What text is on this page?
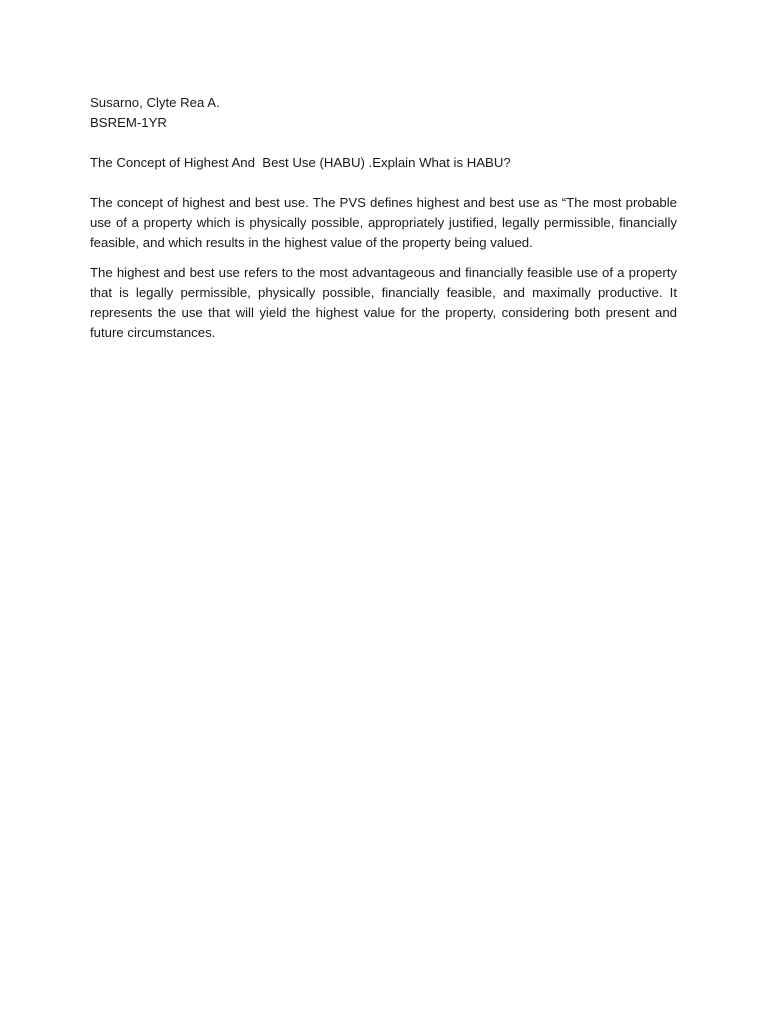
Susarno, Clyte Rea A.
BSREM-1YR

The Concept of Highest And  Best Use (HABU) .Explain What is HABU?

The concept of highest and best use. The PVS defines highest and best use as “The most probable use of a property which is physically possible, appropriately justified, legally permissible, financially feasible, and which results in the highest value of the property being valued.

The highest and best use refers to the most advantageous and financially feasible use of a property that is legally permissible, physically possible, financially feasible, and maximally productive. It represents the use that will yield the highest value for the property, considering both present and future circumstances.
